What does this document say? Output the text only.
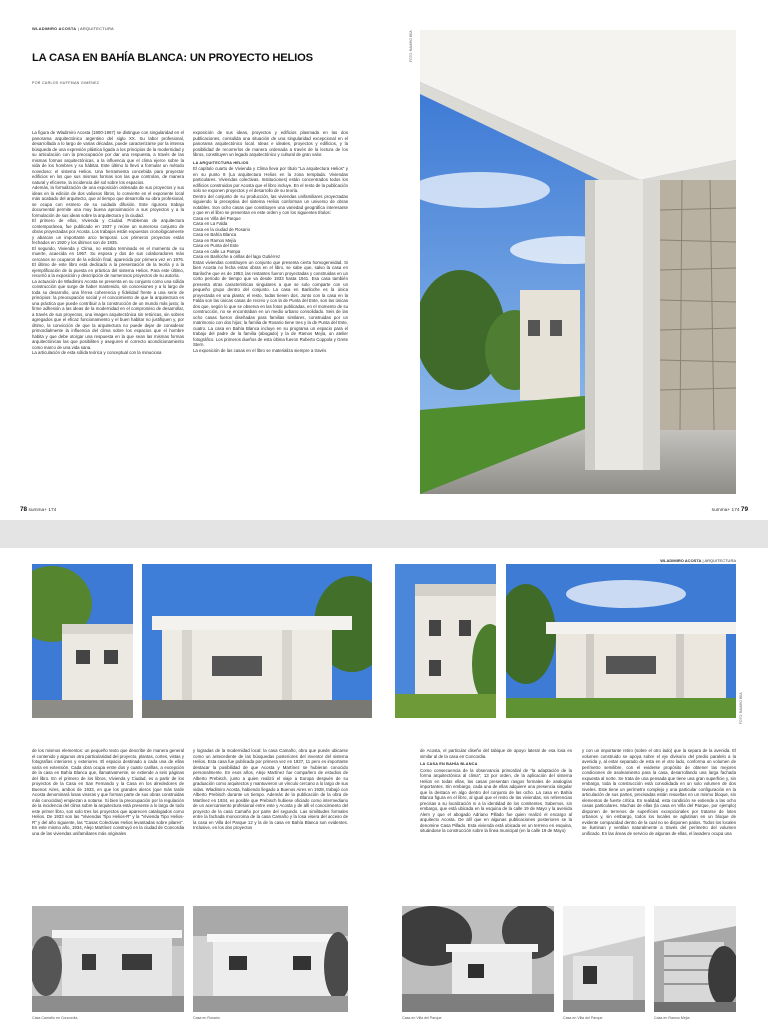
WLADIMIRO ACOSTA | ARQUITECTURA
LA CASA EN BAHÍA BLANCA: UN PROYECTO HELIOS
POR CARLOS HUFFMAN GIMÉNEZ

La figura de Wladimiro Acosta (1900-1967) se distingue con singularidad en el panorama arquitectónico argentino del siglo XX. Su labor profesional, desarrollada a lo largo de varias décadas, puede caracterizarse por la intensa búsqueda de una expresión plástica ligada a los principios de la modernidad y su articulación con la preocupación por dar una respuesta, a través de las mismas formas arquitectónicas, a la influencia que el clima ejerce sobre la vida de los hombres y su hábitat. Este último lo llevó a formular un método novedoso: el sistema Helios. Una herramienta concebida para proyectar edificios en los que sus mismas formas son las que controlan, de manera natural y eficiente, la incidencia del sol sobre los espacios.

Además, la formalización de una exposición ordenada de sus proyectos y sus ideas en la edición de dos valiosos libros, lo convierte en el exponente local más acabado del arquitecto, que al tiempo que desarrolla su obra profesional, se ocupa con esmero de su cuidada difusión. Este riguroso trabajo documental permite una muy buena aproximación a sus proyectos y a la formulación de sus ideas sobre la arquitectura y la ciudad.

El primero de ellos, Vivienda y Ciudad. Problemas de arquitectura contemporánea, fue publicado en 1937 y reúne un numeroso conjunto de obras proyectadas por Acosta. Los trabajos están expuestos cronológicamente y abarcan un importante arco temporal. Los primeros proyectos están fechados en 1920 y los últimos son de 1935.

El segundo, Vivienda y Clima, no estaba terminado en el momento de su muerte, acaecida en 1967. Su esposa y dos de sus colaboradores más cercanos se ocuparon de la edición final, aparecida por primera vez en 1976. El último de este libro está dedicado a la presentación de la teoría y a la ejemplificación de la puesta en práctica del sistema Helios. Para este último, recurrió a la exposición y descripción de numerosos proyectos de su autoría.

La actuación de Wladimiro Acosta se presenta en su conjunto como una sólida construcción que surge de haber mantenido, sin concesiones y a lo largo de toda su desarrollo, una férrea coherencia y fidelidad frente a una serie de principios: la preocupación social y el conocimiento de que la arquitectura es una práctica que puede contribuir a la construcción de un mundo más justo; la firme adhesión a las ideas de la modernidad en el compromiso de desarrollar, a través de sus proyectos, una imagen arquitectónica sin retóricas, sin sobres agregados que el eficaz funcionamiento y el buen habitar no justifiquen y, por último, la convicción de que la arquitectura no puede dejar de considerar primordialmente la influencia del clima sobre los espacios que el hombre habita y que debe otorgar una respuesta en la que sean las mismas formas arquitectónicas las que posibiliten y aseguren el correcto acondicionamiento como marco de una vida sana.

La articulación de esta sólida teórica y conceptual con la minuciosa

exposición de sus ideas, proyectos y edificios plasmada en las dos publicaciones, consolida una situación de una singularidad excepcional en el panorama arquitectónico local. Ideas e ideales, proyectos y edificios, y la posibilidad de recorrerlos de manera ordenada a través de la lectura de los libros, constituyen un legado arquitectónico y cultural de gran valor.

LA ARQUITECTURA HELIOS

El capítulo cuarto de Vivienda y Clima lleva por título "La arquitectura Helios" y en su punto 8 (La arquitectura Helios en la zona templada. Viviendas particulares. Viviendas colectivas. Instituciones) están concentrados todos los edificios construidos por Acosta que el libro incluye. En el resto de la publicación solo se exponen proyectos y el desarrollo de su teoría.

Dentro del conjunto de su producción, las viviendas unifamiliares proyectadas siguiendo la preceptiva del sistema Helios conforman un universo de obras notables. Son ocho casas que constituyen una variedad geográfica interesante y que en el libro se presentan en este orden y con los siguientes títulos:

Casa en Villa del Parque
Casa en La Falda
Casa en la ciudad de Rosario
Casa en Bahía Blanca
Casa en Ramos Mejía
Casa en Punta del Este
Casa en calle La Pampa
Casa en Bariloche a orillas del lago Gutiérrez

Estas viviendas constituyen un conjunto que presenta cierta homogeneidad. Si bien Acosta no fecha estas obras en el libro, se sabe que, salvo la casa en Bariloche que es de 1953, las restantes fueron proyectadas y construidas en un corto período de tiempo que va desde 1933 hasta 1941. Esa casa también presenta otras características singulares a que se solo comparte con un pequeño grupo dentro del conjunto. La casa en Bariloche es la única proyectada en una planta; el resto, todas tienen dos. Junto con la casa en la Falda son las únicas casas de recreo y con la de Punta del Este, son las únicas dos que, según lo que se observa en las fotos publicadas, en el momento de su construcción, no se encontraban en un medio urbano consolidado. Seis de las ocho casas fueron diseñadas para familias similares, construidas por un matrimonio con dos hijos; la familia de Rosario tiene tres y la de Punta del Este, cuatro. La casa en Bahía Blanca incluye en su programa un espacio para el trabajo del padre de la familia (abogado) y la de Ramos Mejía, un atelier fotográfico. Los primeros dueños de esta última fueron Roberto Coppola y Grete Stern.

La exposición de las casas en el libro se materializa siempre a través

FOTO: RAMIRO BEA
78 summa+ 174	summa+ 174 79
WLADIMIRO ACOSTA | ARQUITECTURA
FOTO: RAMIRO BEA

de los mismos elementos: un pequeño texto que describe de manera general el contenido y algunos otra particularidad del proyecto, plantas, cortes, vistas y fotografías interiores y exteriores. El espacio destinado a cada una de ellas varía en extensión. Cada obra ocupa entre dos y cuatro carillas, a excepción de la casa en Bahía Blanca que, llamativamente, se extiende a seis páginas del libro. En el primero de los libros, Vivienda y Ciudad, es a partir de los proyectos de la Casa en San Fernando y la Casa en los alrededores de Buenos Aires, ambos de 1933, en que los grandes aleros (que más tarde Acosta denominará losas viseras y que forman parte de sus obras construidas más conocidas) empiezan a notarse. Si bien la preocupación por la regulación de la incidencia del clima sobre la arquitectura está presente a lo largo de todo este primer libro, son solo tres los proyectos que aparecen catalogados como Helios. De 1933 son las "Viviendas Tipo Helios-R" y la "Vivienda Tipo Helios-R" y del año siguiente, las "Casas Colectivas Helios levantadas sobre pilares". En este mismo año, 1934, Alejo Martínez construyó en la ciudad de Concordia una de las viviendas unifamiliares más originales

y logradas de la modernidad local: la casa Camaño, obra que puede ubicarse como un antecedente de las búsquedas posteriores del inventor del sistema Helios. Esta casa fue publicada por primera vez en 1937, 11 pero es importante destacar la posibilidad de que Acosta y Martínez se hubieran conocido personalmente. En esos años, Alejo Martínez fue compañero de estudios de Alberto Prebisch, junto a quien realizó el viaje a Europa después de su graduación como arquitectos y mantuvieron un vínculo cercano a lo largo de sus vidas. Wladimiro Acosta, habiendo llegado a Buenos Aires en 1928, trabajó con Alberto Prebisch durante un tiempo. Además de la publicación de la obra de Martínez en 1934, es posible que Prebisch hubiese oficiado como intermediario de un acercamiento profesional entre este y Acosta y de allí el conocimiento del proyecto de la casa Camaño por parte del segundo. Las similitudes formales entre la fachada monocroma de la casa Camaño y la losa visera del acceso de la casa en Villa del Parque 12 y la de la casa en Bahía Blanca son evidentes. Inclusive, en los dos proyectos

de Acosta, el particular diseño del tabique de apoyo lateral de esa losa es similar al de la casa en Concordia.

LA CASA EN BAHÍA BLANCA

Como consecuencia de la observancia primordial de "la adaptación de la forma arquitectónica al clima", 13 por orden, de la aplicación del sistema Helios en todas ellas, las casas presentan rasgos formales de analogías importantes. Sin embargo, cada una de ellas adquiere una presencia singular que la destaca en algo dentro del conjunto de las ocho. La casa en Bahía Blanca figura en el libro, al igual que el resto de las viviendas, sin referencias precisas a su localización ni a la identidad de los comitentes. Sabemos, sin embargo, que está ubicada en la esquina de la calle 19 de Mayo y la avenida Alem y que el abogado Adriano Pillado fue quien realizó el encargo al arquitecto Acosta. De allí que en algunas publicaciones posteriores se la denomine Casa Pillado. Esta vivienda está ubicada en un terreno en esquina, situándose la construcción sobre la línea municipal (en la calle 19 de Mayo)

y con un importante retiro (sobre el otro lado) que la separa de la avenida. El volumen construido se apoya sobre el eje divisorio del predio paralelo a la avenida y, al estar separado de esta en el otro lado, conforma un volumen de perímetro semilibre, con el evidente propósito de obtener las mejores condiciones de asoleamiento para la casa, desarrollando una larga fachada expuesta al norte. Se trata de una pensada que tiene una gran superficie y, sin embargo, toda la construcción está consolidada en un solo volumen de dos niveles. Este tiene un perímetro complejo y una particular configuración en la articulación de sus partes, precisadas están resueltas en un mismo bloque, sin elementos de fuerte crítica. En realidad, esta condición se extiende a las ocho casas particulares. Muchas de ellas (la casa en Villa del Parque, por ejemplo) disponen de terrenos de superficies excepcionales por tratarse de lotes urbanos y, sin embargo, todos los locales se aglutinan en un bloque de evidente compacidad dentro de la cual no se disponen patios. Todos los locales se iluminan y ventilan naturalmente a través del perímetro del volumen unificado. En las áreas de servicio de algunas de ellas, el lavadero ocupa una

Casa Camaño en Concordia	Casa en Rosario	Casa en Villa del Parque	Casa en Villa del Parque	Casa en Ramos Mejía
